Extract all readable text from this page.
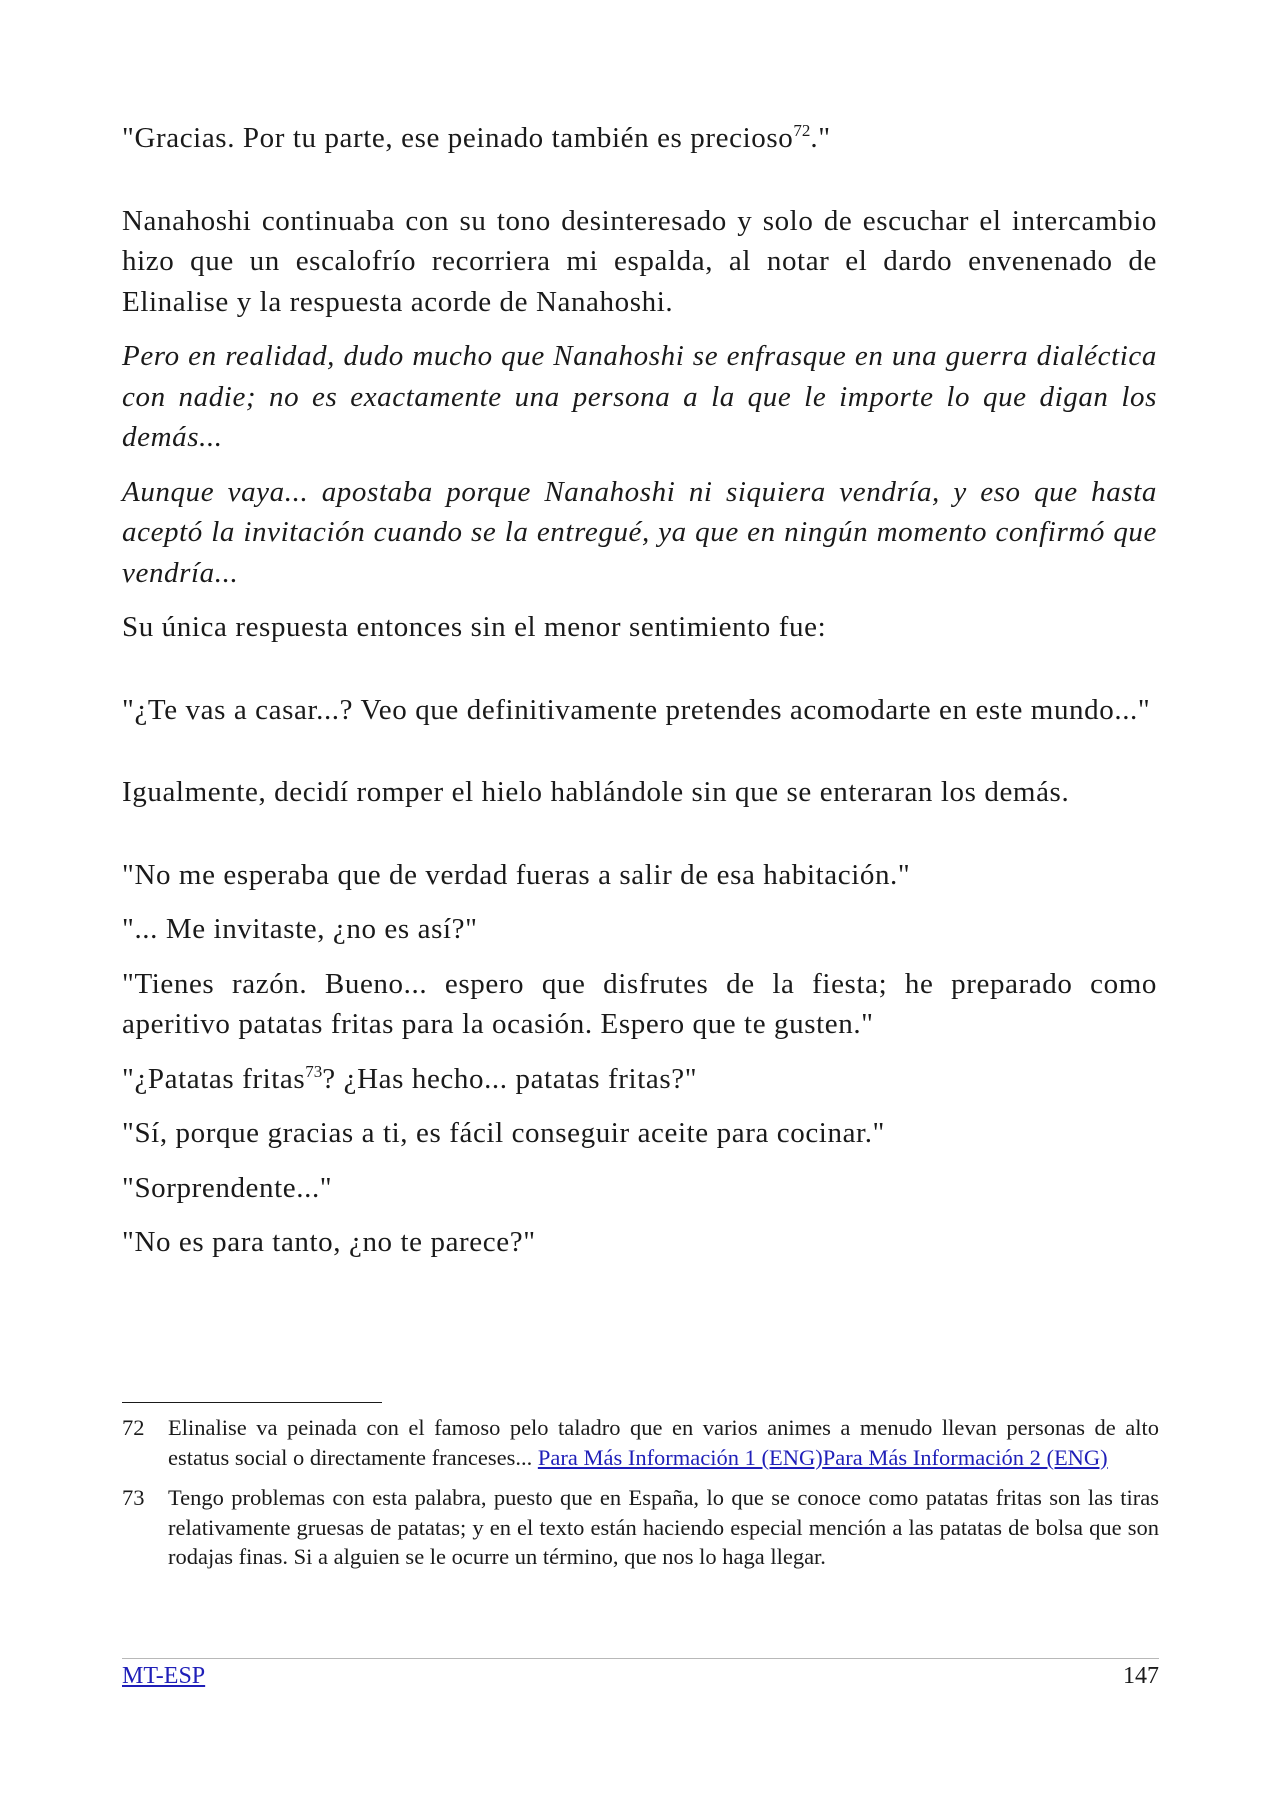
"Gracias. Por tu parte, ese peinado también es precioso$^{72}$."

Nanahoshi continuaba con su tono desinteresado y solo de escuchar el intercambio hizo que un escalofrío recorriera mi espalda, al notar el dardo envenenado de Elinalise y la respuesta acorde de Nanahoshi.

Pero en realidad, dudo mucho que Nanahoshi se enfrasque en una guerra dialéctica con nadie; no es exactamente una persona a la que le importe lo que digan los demás...

Aunque vaya... apostaba porque Nanahoshi ni siquiera vendría, y eso que hasta aceptó la invitación cuando se la entregué, ya que en ningún momento confirmó que vendría...

Su única respuesta entonces sin el menor sentimiento fue:

"¿Te vas a casar...? Veo que definitivamente pretendes acomodarte en este mundo..."

Igualmente, decidí romper el hielo hablándole sin que se enteraran los demás.

"No me esperaba que de verdad fueras a salir de esa habitación."

"... Me invitaste, ¿no es así?"

"Tienes razón. Bueno... espero que disfrutes de la fiesta; he preparado como aperitivo patatas fritas para la ocasión. Espero que te gusten."

"¿Patatas fritas$^{73}$? ¿Has hecho... patatas fritas?"

"Sí, porque gracias a ti, es fácil conseguir aceite para cocinar."

"Sorprendente..."

"No es para tanto, ¿no te parece?"

72 Elinalise va peinada con el famoso pelo taladro que en varios animes a menudo llevan personas de alto estatus social o directamente franceses... Para Más Información 1 (ENG)Para Más Información 2 (ENG)
73 Tengo problemas con esta palabra, puesto que en España, lo que se conoce como patatas fritas son las tiras relativamente gruesas de patatas; y en el texto están haciendo especial mención a las patatas de bolsa que son rodajas finas. Si a alguien se le ocurre un término, que nos lo haga llegar.
MT-ESP	147
